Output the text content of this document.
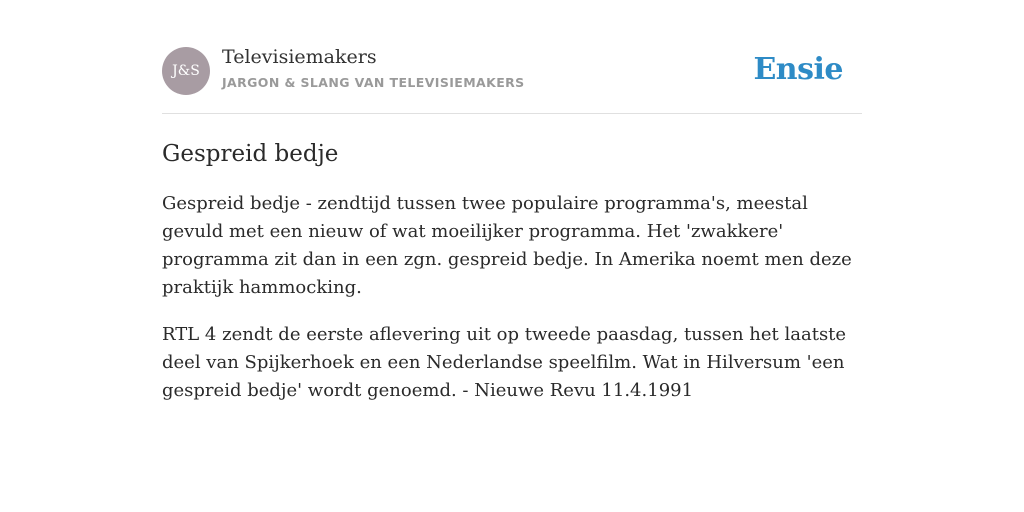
J&S
Televisiemakers
JARGON & SLANG VAN TELEVISIEMAKERS	Ensie
Gespreid bedje

Gespreid bedje - zendtijd tussen twee populaire programma's, meestal gevuld met een nieuw of wat moeilijker programma. Het 'zwakkere' programma zit dan in een zgn. gespreid bedje. In Amerika noemt men deze praktijk hammocking.

RTL 4 zendt de eerste aflevering uit op tweede paasdag, tussen het laatste deel van Spijkerhoek en een Nederlandse speelfilm. Wat in Hilversum 'een gespreid bedje' wordt genoemd. - Nieuwe Revu 11.4.1991
